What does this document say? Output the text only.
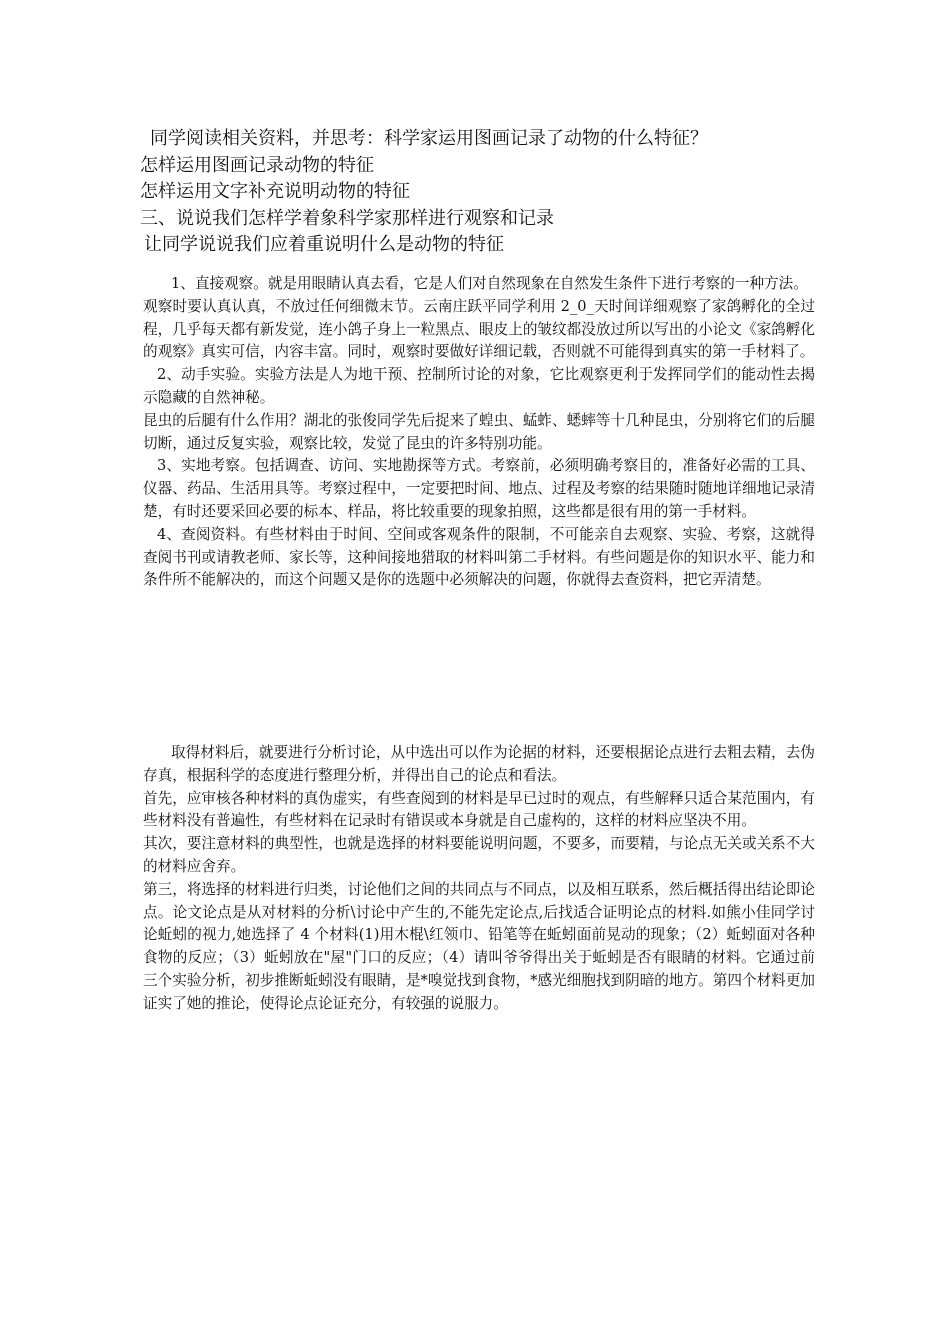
同学阅读相关资料，并思考：科学家运用图画记录了动物的什么特征？

怎样运用图画记录动物的特征

怎样运用文字补充说明动物的特征

三、说说我们怎样学着象科学家那样进行观察和记录

让同学说说我们应着重说明什么是动物的特征

1、直接观察。就是用眼睛认真去看，它是人们对自然现象在自然发生条件下进行考察的一种方法。

观察时要认真认真，不放过任何细微末节。云南庄跃平同学利用 2_0_天时间详细观察了家鸽孵化的全过程，几乎每天都有新发觉，连小鸽子身上一粒黑点、眼皮上的皱纹都没放过所以写出的小论文《家鸽孵化的观察》真实可信，内容丰富。同时，观察时要做好详细记载，否则就不可能得到真实的第一手材料了。

2、动手实验。实验方法是人为地干预、控制所讨论的对象，它比观察更利于发挥同学们的能动性去揭示隐藏的自然神秘。

昆虫的后腿有什么作用？湖北的张俊同学先后捉来了蝗虫、蜢蚱、蟋蟀等十几种昆虫，分别将它们的后腿切断，通过反复实验，观察比较，发觉了昆虫的许多特别功能。

3、实地考察。包括调查、访问、实地勘探等方式。考察前，必须明确考察目的，准备好必需的工具、仪器、药品、生活用具等。考察过程中，一定要把时间、地点、过程及考察的结果随时随地详细地记录清楚，有时还要采回必要的标本、样品，将比较重要的现象拍照，这些都是很有用的第一手材料。

4、查阅资料。有些材料由于时间、空间或客观条件的限制，不可能亲自去观察、实验、考察，这就得查阅书刊或请教老师、家长等，这种间接地猎取的材料叫第二手材料。有些问题是你的知识水平、能力和条件所不能解决的，而这个问题又是你的选题中必须解决的问题，你就得去查资料，把它弄清楚。

取得材料后，就要进行分析讨论，从中选出可以作为论据的材料，还要根据论点进行去粗去精，去伪存真，根据科学的态度进行整理分析，并得出自己的论点和看法。

首先，应审核各种材料的真伪虚实，有些查阅到的材料是早已过时的观点，有些解释只适合某范围内，有些材料没有普遍性，有些材料在记录时有错误或本身就是自己虚构的，这样的材料应坚决不用。

其次，要注意材料的典型性，也就是选择的材料要能说明问题，不要多，而要精，与论点无关或关系不大的材料应舍弃。

第三，将选择的材料进行归类，讨论他们之间的共同点与不同点，以及相互联系，然后概括得出结论即论点。论文论点是从对材料的分析\讨论中产生的,不能先定论点,后找适合证明论点的材料.如熊小佳同学讨论蚯蚓的视力,她选择了 4 个材料(1)用木棍\红领巾、铅笔等在蚯蚓面前晃动的现象；（2）蚯蚓面对各种食物的反应；（3）蚯蚓放在"屋"门口的反应；（4）请叫爷爷得出关于蚯蚓是否有眼睛的材料。它通过前三个实验分析，初步推断蚯蚓没有眼睛，是*嗅觉找到食物，*感光细胞找到阴暗的地方。第四个材料更加证实了她的推论，使得论点论证充分，有较强的说服力。
